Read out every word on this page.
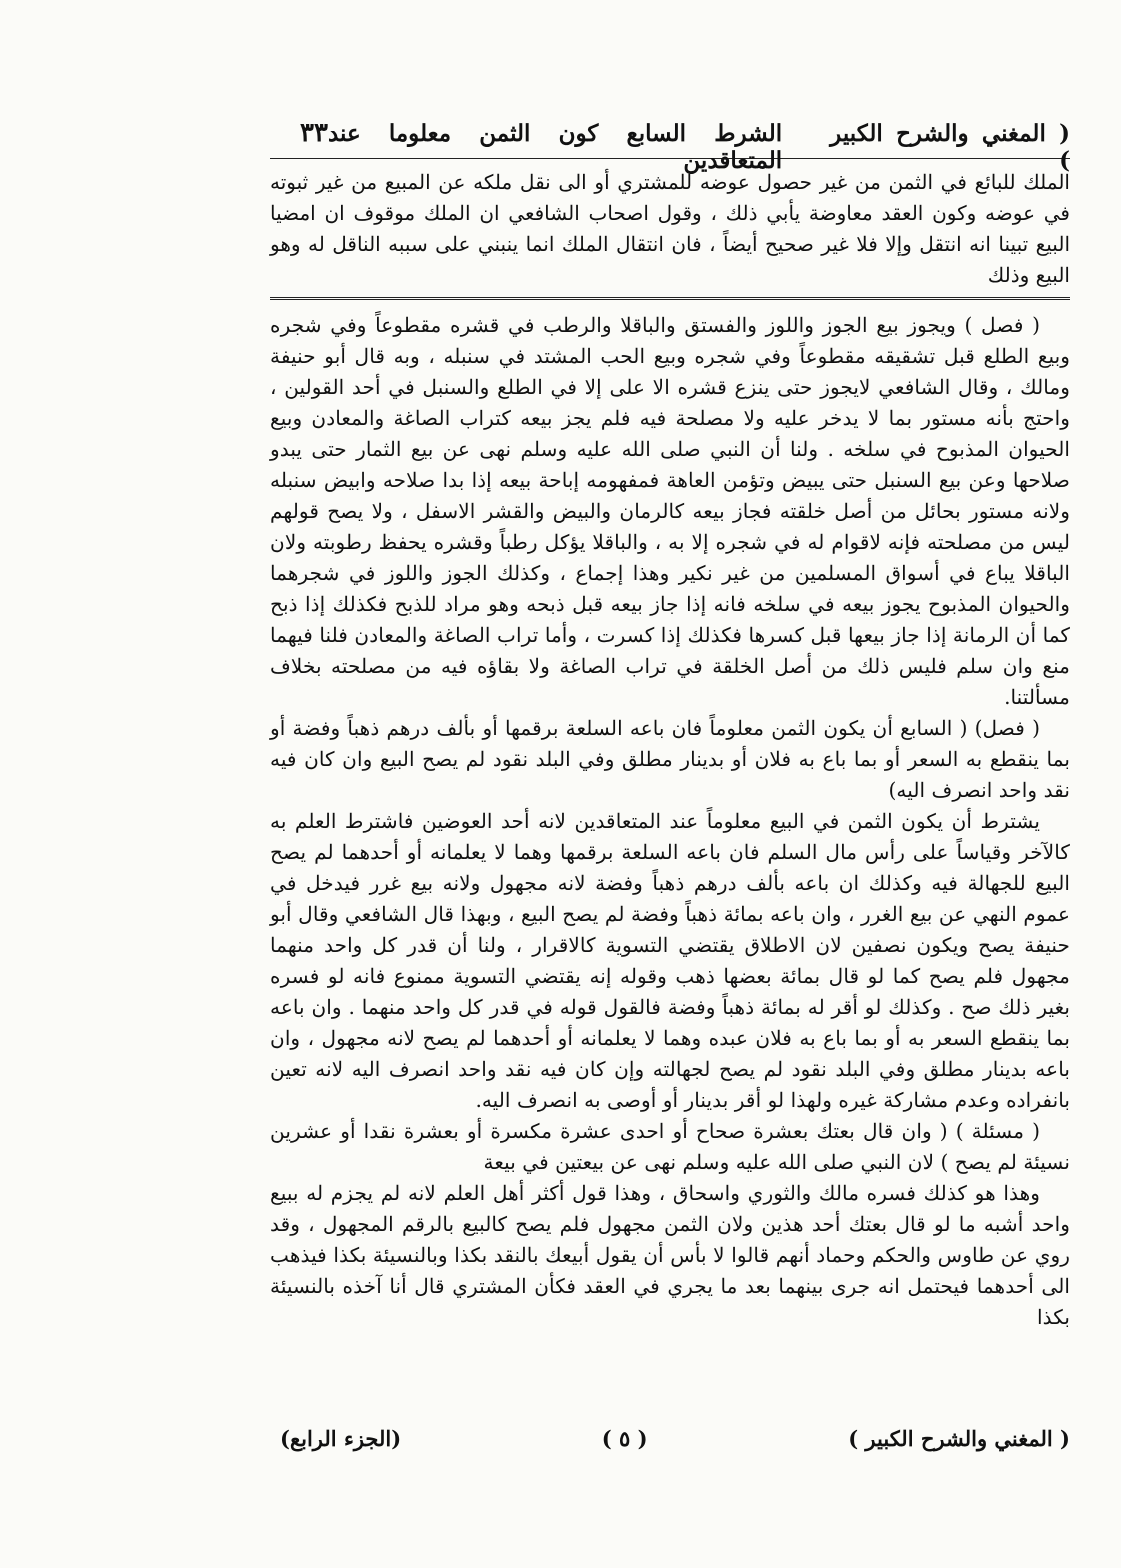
( المغني والشرح الكبير )
الشرط السابع كون الثمن معلوما عند المتعاقدين
٣٣

الملك للبائع في الثمن من غير حصول عوضه للمشتري أو الى نقل ملكه عن المبيع من غير ثبوته في عوضه وكون العقد معاوضة يأبي ذلك ، وقول اصحاب الشافعي ان الملك موقوف ان امضيا البيع تبينا انه انتقل وإلا فلا غير صحيح أيضاً ، فان انتقال الملك انما ينبني على سببه الناقل له وهو البيع وذلك

( فصل ) ويجوز بيع الجوز واللوز والفستق والباقلا والرطب في قشره مقطوعاً وفي شجره وبيع الطلع قبل تشقيقه مقطوعاً وفي شجره وبيع الحب المشتد في سنبله ، وبه قال أبو حنيفة ومالك ، وقال الشافعي لايجوز حتى ينزع قشره الا على إلا في الطلع والسنبل في أحد القولين ، واحتج بأنه مستور بما لا يدخر عليه ولا مصلحة فيه فلم يجز بيعه كتراب الصاغة والمعادن وبيع الحيوان المذبوح في سلخه . ولنا أن النبي صلى الله عليه وسلم نهى عن بيع الثمار حتى يبدو صلاحها وعن بيع السنبل حتى يبيض وتؤمن العاهة فمفهومه إباحة بيعه إذا بدا صلاحه وابيض سنبله ولانه مستور بحائل من أصل خلقته فجاز بيعه كالرمان والبيض والقشر الاسفل ، ولا يصح قولهم ليس من مصلحته فإنه لاقوام له في شجره إلا به ، والباقلا يؤكل رطباً وقشره يحفظ رطوبته ولان الباقلا يباع في أسواق المسلمين من غير نكير وهذا إجماع ، وكذلك الجوز واللوز في شجرهما والحيوان المذبوح يجوز بيعه في سلخه فانه إذا جاز بيعه قبل ذبحه وهو مراد للذبح فكذلك إذا ذبح كما أن الرمانة إذا جاز بيعها قبل كسرها فكذلك إذا كسرت ، وأما تراب الصاغة والمعادن فلنا فيهما منع وان سلم فليس ذلك من أصل الخلقة في تراب الصاغة ولا بقاؤه فيه من مصلحته بخلاف مسألتنا.

( فصل) ( السابع أن يكون الثمن معلوماً فان باعه السلعة برقمها أو بألف درهم ذهباً وفضة أو بما ينقطع به السعر أو بما باع به فلان أو بدينار مطلق وفي البلد نقود لم يصح البيع وان كان فيه نقد واحد انصرف اليه)

يشترط أن يكون الثمن في البيع معلوماً عند المتعاقدين لانه أحد العوضين فاشترط العلم به كالآخر وقياساً على رأس مال السلم فان باعه السلعة برقمها وهما لا يعلمانه أو أحدهما لم يصح البيع للجهالة فيه وكذلك ان باعه بألف درهم ذهباً وفضة لانه مجهول ولانه بيع غرر فيدخل في عموم النهي عن بيع الغرر ، وان باعه بمائة ذهباً وفضة لم يصح البيع ، وبهذا قال الشافعي وقال أبو حنيفة يصح ويكون نصفين لان الاطلاق يقتضي التسوية كالاقرار ، ولنا أن قدر كل واحد منهما مجهول فلم يصح كما لو قال بمائة بعضها ذهب وقوله إنه يقتضي التسوية ممنوع فانه لو فسره بغير ذلك صح . وكذلك لو أقر له بمائة ذهباً وفضة فالقول قوله في قدر كل واحد منهما . وان باعه بما ينقطع السعر به أو بما باع به فلان عبده وهما لا يعلمانه أو أحدهما لم يصح لانه مجهول ، وان باعه بدينار مطلق وفي البلد نقود لم يصح لجهالته وإن كان فيه نقد واحد انصرف اليه لانه تعين بانفراده وعدم مشاركة غيره ولهذا لو أقر بدينار أو أوصى به انصرف اليه.

( مسئلة ) ( وان قال بعتك بعشرة صحاح أو احدى عشرة مكسرة أو بعشرة نقدا أو عشرين نسيئة لم يصح ) لان النبي صلى الله عليه وسلم نهى عن بيعتين في بيعة

وهذا هو كذلك فسره مالك والثوري واسحاق ، وهذا قول أكثر أهل العلم لانه لم يجزم له ببيع واحد أشبه ما لو قال بعتك أحد هذين ولان الثمن مجهول فلم يصح كالبيع بالرقم المجهول ، وقد روي عن طاوس والحكم وحماد أنهم قالوا لا بأس أن يقول أبيعك بالنقد بكذا وبالنسيئة بكذا فيذهب الى أحدهما فيحتمل انه جرى بينهما بعد ما يجري في العقد فكأن المشتري قال أنا آخذه بالنسيئة بكذا

( المغني والشرح الكبير )
( ٥ )
(الجزء الرابع)
